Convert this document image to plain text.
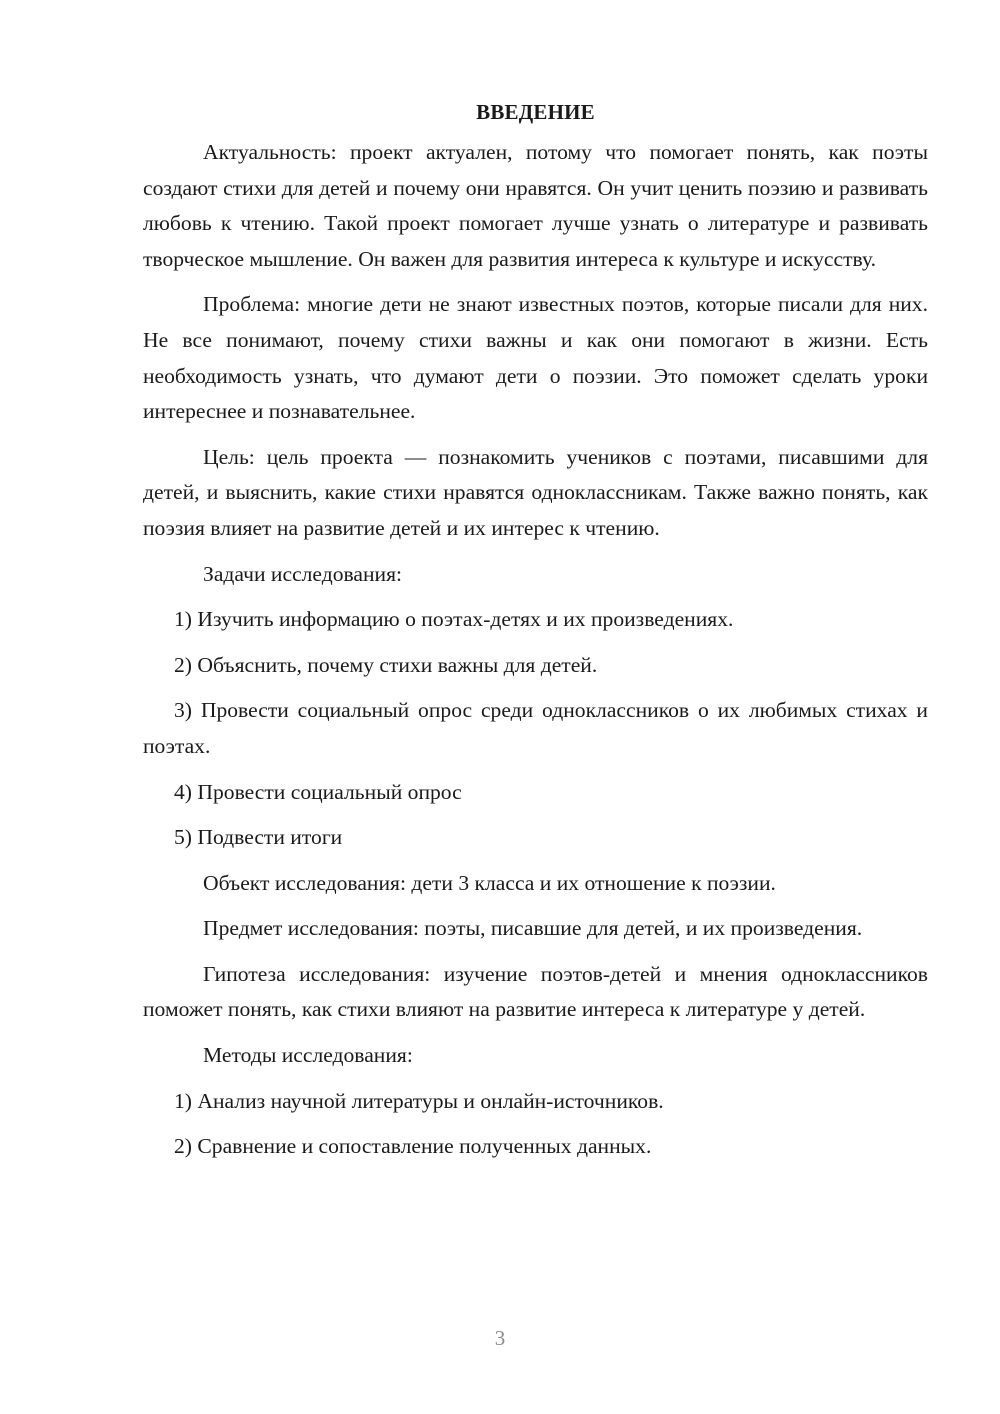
ВВЕДЕНИЕ

Актуальность: проект актуален, потому что помогает понять, как поэты создают стихи для детей и почему они нравятся. Он учит ценить поэзию и развивать любовь к чтению. Такой проект помогает лучше узнать о литературе и развивать творческое мышление. Он важен для развития интереса к культуре и искусству.

Проблема: многие дети не знают известных поэтов, которые писали для них. Не все понимают, почему стихи важны и как они помогают в жизни. Есть необходимость узнать, что думают дети о поэзии. Это поможет сделать уроки интереснее и познавательнее.

Цель: цель проекта — познакомить учеников с поэтами, писавшими для детей, и выяснить, какие стихи нравятся одноклассникам. Также важно понять, как поэзия влияет на развитие детей и их интерес к чтению.

Задачи исследования:

1) Изучить информацию о поэтах-детях и их произведениях.

2) Объяснить, почему стихи важны для детей.

3) Провести социальный опрос среди одноклассников о их любимых стихах и поэтах.

4) Провести социальный опрос

5) Подвести итоги

Объект исследования: дети 3 класса и их отношение к поэзии.

Предмет исследования: поэты, писавшие для детей, и их произведения.

Гипотеза исследования: изучение поэтов-детей и мнения одноклассников поможет понять, как стихи влияют на развитие интереса к литературе у детей.

Методы исследования:

1) Анализ научной литературы и онлайн-источников.

2) Сравнение и сопоставление полученных данных.

3
